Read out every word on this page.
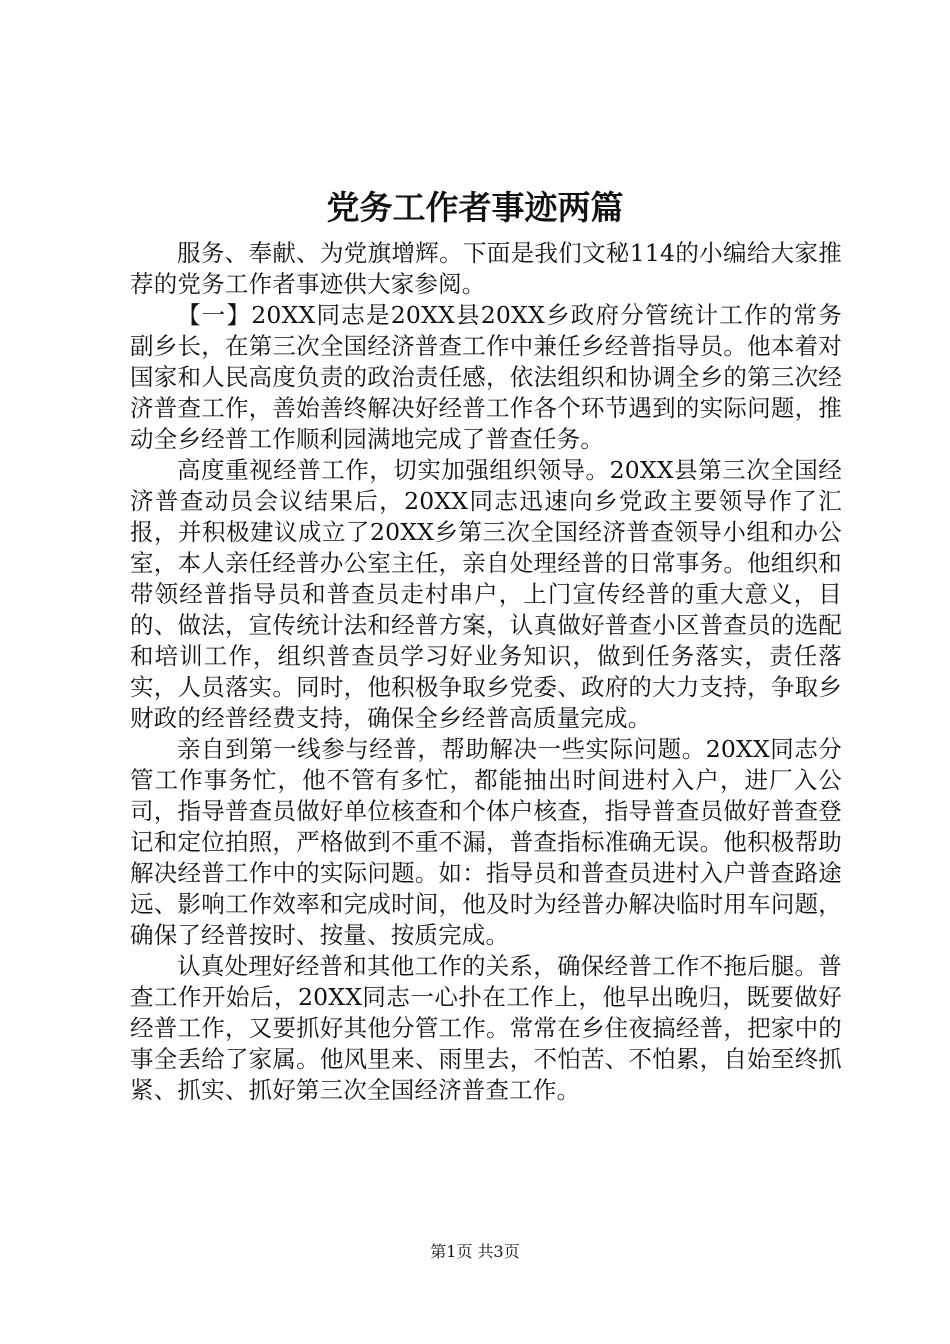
党务工作者事迹两篇

服务、奉献、为党旗增辉。下面是我们文秘114的小编给大家推荐的党务工作者事迹供大家参阅。

【一】20XX同志是20XX县20XX乡政府分管统计工作的常务副乡长，在第三次全国经济普查工作中兼任乡经普指导员。他本着对国家和人民高度负责的政治责任感，依法组织和协调全乡的第三次经济普查工作，善始善终解决好经普工作各个环节遇到的实际问题，推动全乡经普工作顺利园满地完成了普查任务。

高度重视经普工作，切实加强组织领导。20XX县第三次全国经济普查动员会议结果后，20XX同志迅速向乡党政主要领导作了汇报，并积极建议成立了20XX乡第三次全国经济普查领导小组和办公室，本人亲任经普办公室主任，亲自处理经普的日常事务。他组织和带领经普指导员和普查员走村串户，上门宣传经普的重大意义，目的、做法，宣传统计法和经普方案，认真做好普查小区普查员的选配和培训工作，组织普查员学习好业务知识，做到任务落实，责任落实，人员落实。同时，他积极争取乡党委、政府的大力支持，争取乡财政的经普经费支持，确保全乡经普高质量完成。

亲自到第一线参与经普，帮助解决一些实际问题。20XX同志分管工作事务忙，他不管有多忙，都能抽出时间进村入户，进厂入公司，指导普查员做好单位核查和个体户核查，指导普查员做好普查登记和定位拍照，严格做到不重不漏，普查指标准确无误。他积极帮助解决经普工作中的实际问题。如：指导员和普查员进村入户普查路途远、影响工作效率和完成时间，他及时为经普办解决临时用车问题，确保了经普按时、按量、按质完成。

认真处理好经普和其他工作的关系，确保经普工作不拖后腿。普查工作开始后，20XX同志一心扑在工作上，他早出晚归，既要做好经普工作，又要抓好其他分管工作。常常在乡住夜搞经普，把家中的事全丢给了家属。他风里来、雨里去，不怕苦、不怕累，自始至终抓紧、抓实、抓好第三次全国经济普查工作。

第1页 共3页
